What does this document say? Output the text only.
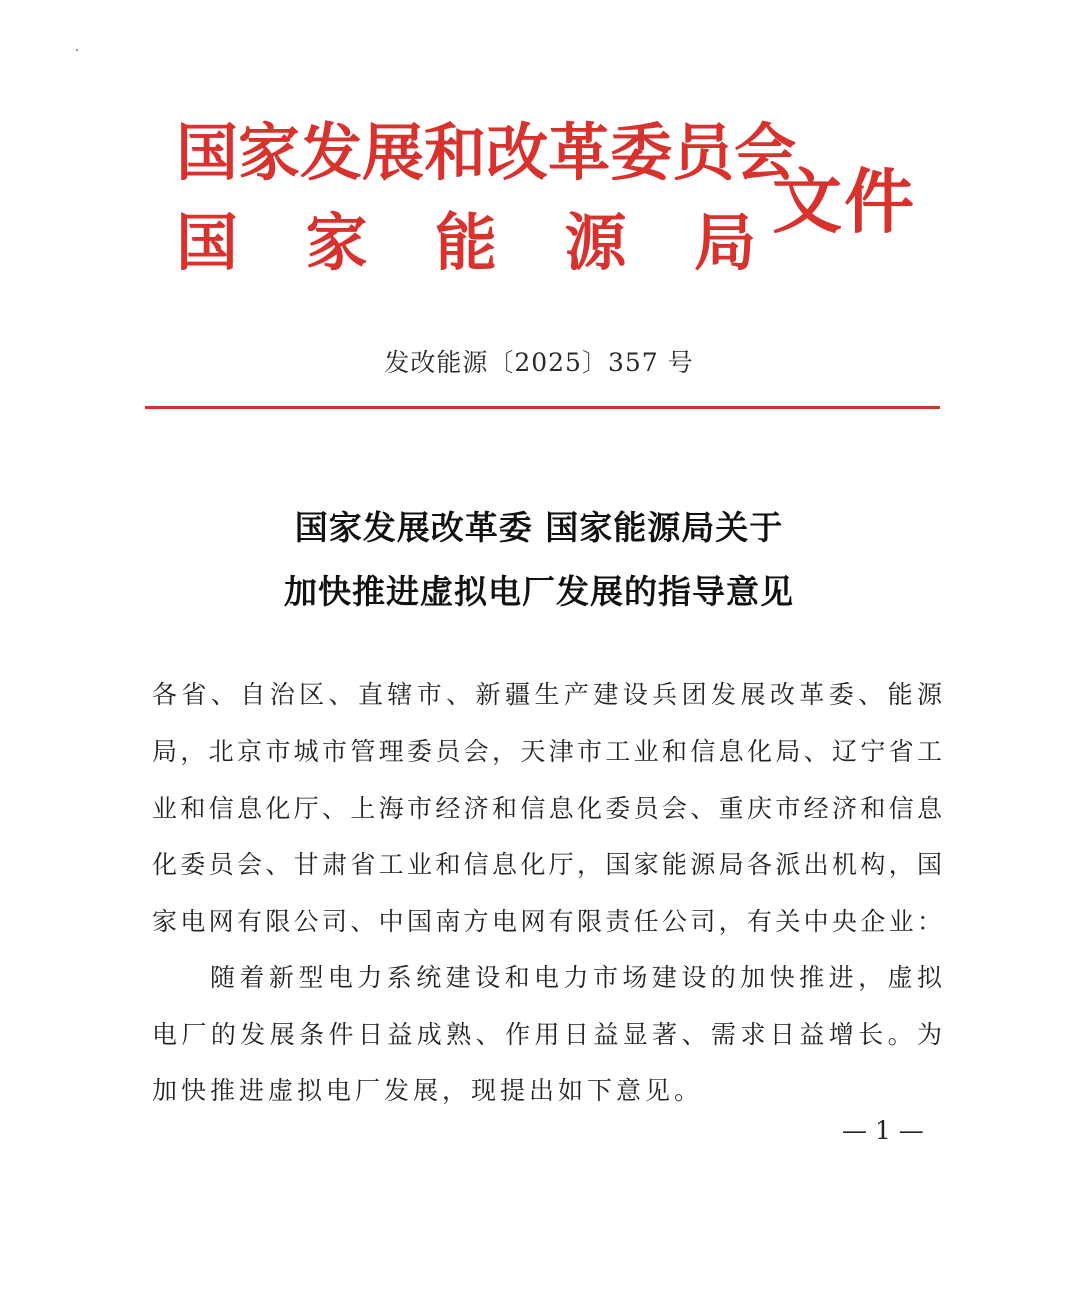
国 家 发 展 和 改 革 委 员 会
国 家 能 源 局 文件
发改能源〔2025〕357 号
国家发展改革委 国家能源局关于
加快推进虚拟电厂发展的指导意见
各省、自治区、直辖市、新疆生产建设兵团发展改革委、能源
局，北京市城市管理委员会，天津市工业和信息化局、辽宁省工
业和信息化厅、上海市经济和信息化委员会、重庆市经济和信息
化委员会、甘肃省工业和信息化厅，国家能源局各派出机构，国
家电网有限公司、中国南方电网有限责任公司，有关中央企业：
随着新型电力系统建设和电力市场建设的加快推进，虚拟
电厂的发展条件日益成熟、作用日益显著、需求日益增长。为
加快推进虚拟电厂发展，现提出如下意见。
— 1 —
